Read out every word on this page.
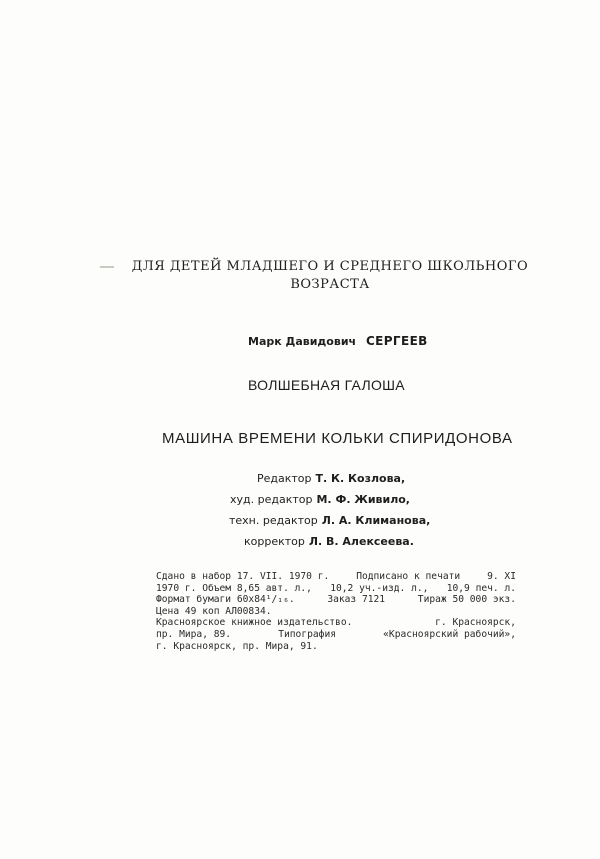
ДЛЯ ДЕТЕЙ МЛАДШЕГО И СРЕДНЕГО ШКОЛЬНОГО
ВОЗРАСТА
Марк Давидович СЕРГЕЕВ
ВОЛШЕБНАЯ ГАЛОША
МАШИНА ВРЕМЕНИ КОЛЬКИ СПИРИДОНОВА
Редактор Т. К. Козлова,
худ. редактор М. Ф. Живило,
техн. редактор Л. А. Климанова,
корректор Л. В. Алексеева.
Сдано в набор 17. VII. 1970 г.	Подписано к печати	9. XI
1970 г. Объем 8,65 авт. л., 10,2 уч.-изд. л., 10,9 печ. л.
Формат бумаги 60х84¹/₁₆.	Заказ 7121	Тираж 50 000 экз.
Цена 49 коп АЛ00834.
Красноярское книжное издательство.	г. Красноярск,
пр. Мира, 89.	Типография	«Красноярский рабочий»,
г. Красноярск, пр. Мира, 91.
